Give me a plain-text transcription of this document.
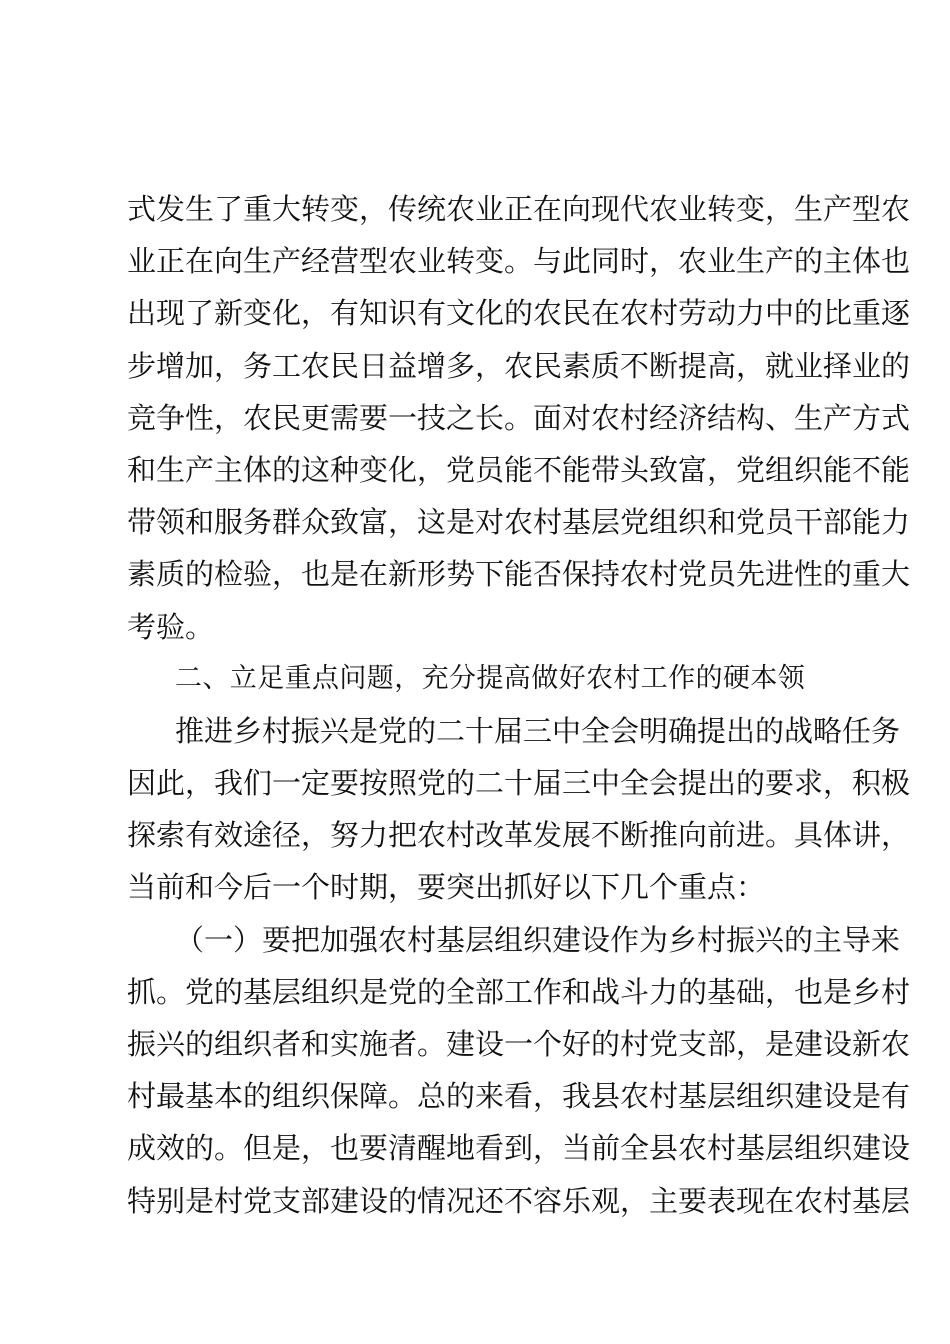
式发生了重大转变，传统农业正在向现代农业转变，生产型农
业正在向生产经营型农业转变。与此同时，农业生产的主体也
出现了新变化，有知识有文化的农民在农村劳动力中的比重逐
步增加，务工农民日益增多，农民素质不断提高，就业择业的
竞争性，农民更需要一技之长。面对农村经济结构、生产方式
和生产主体的这种变化，党员能不能带头致富，党组织能不能
带领和服务群众致富，这是对农村基层党组织和党员干部能力
素质的检验，也是在新形势下能否保持农村党员先进性的重大
考验。
二、立足重点问题，充分提高做好农村工作的硬本领
推进乡村振兴是党的二十届三中全会明确提出的战略任务
因此，我们一定要按照党的二十届三中全会提出的要求，积极
探索有效途径，努力把农村改革发展不断推向前进。具体讲，
当前和今后一个时期，要突出抓好以下几个重点：
（一）要把加强农村基层组织建设作为乡村振兴的主导来
抓。党的基层组织是党的全部工作和战斗力的基础，也是乡村
振兴的组织者和实施者。建设一个好的村党支部，是建设新农
村最基本的组织保障。总的来看，我县农村基层组织建设是有
成效的。但是，也要清醒地看到，当前全县农村基层组织建设
特别是村党支部建设的情况还不容乐观，主要表现在农村基层
